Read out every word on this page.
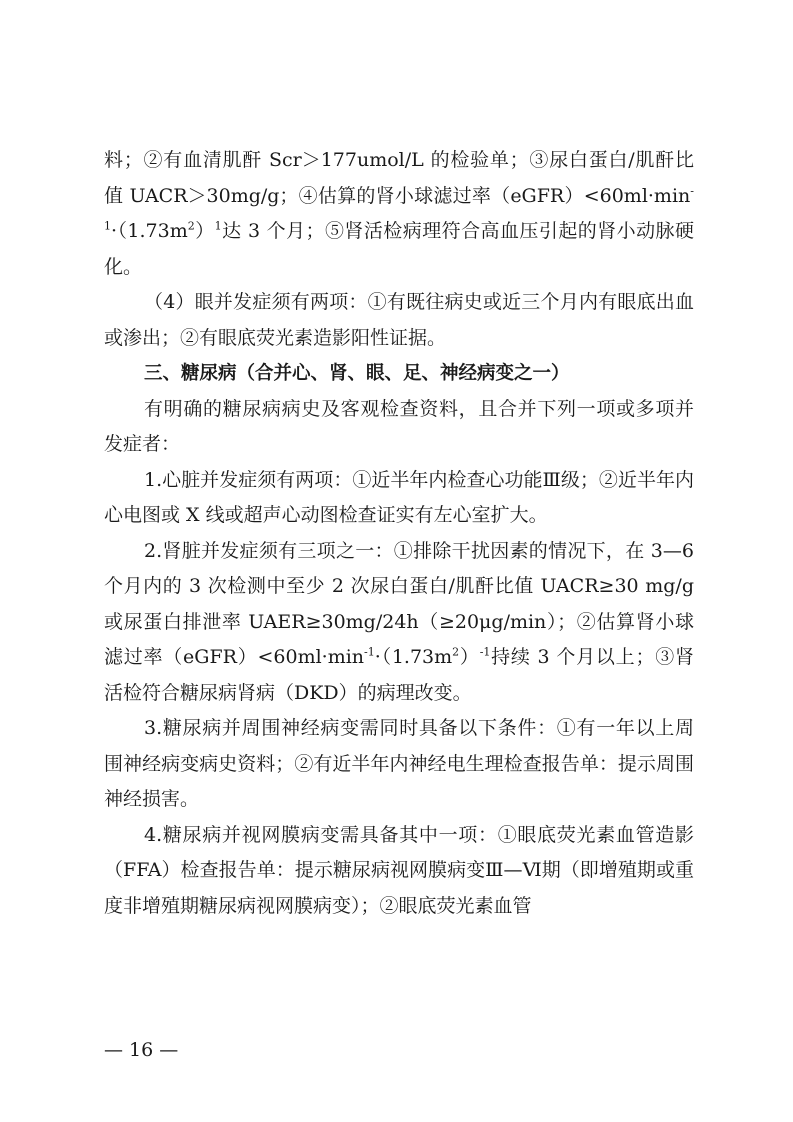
料；②有血清肌酐 Scr＞177umol/L 的检验单；③尿白蛋白/肌酐比值 UACR＞30mg/g；④估算的肾小球滤过率$(eGFR)<60ml\cdot\min^{-1}\cdot(1.73m^2)^1$达 3 个月；⑤肾活检病理符合高血压引起的肾小动脉硬化。

（4）眼并发症须有两项：①有既往病史或近三个月内有眼底出血或渗出；②有眼底荧光素造影阳性证据。

三、糖尿病（合并心、肾、眼、足、神经病变之一）

有明确的糖尿病病史及客观检查资料，且合并下列一项或多项并发症者：

1.心脏并发症须有两项：①近半年内检查心功能Ⅲ级；②近半年内心电图或 X 线或超声心动图检查证实有左心室扩大。

2.肾脏并发症须有三项之一：①排除干扰因素的情况下，在 3—6 个月内的 3 次检测中至少 2 次尿白蛋白/肌酐比值 UACR≥30 mg/g 或尿蛋白排泄率 UAER≥30mg/24h（≥20μg/min）；②估算肾小球滤过率$(eGFR)<60ml\cdot\min^{-1}\cdot(1.73m^2)^{-1}$持续 3 个月以上；③肾活检符合糖尿病肾病（DKD）的病理改变。

3.糖尿病并周围神经病变需同时具备以下条件：①有一年以上周围神经病变病史资料；②有近半年内神经电生理检查报告单：提示周围神经损害。

4.糖尿病并视网膜病变需具备其中一项：①眼底荧光素血管造影（FFA）检查报告单：提示糖尿病视网膜病变Ⅲ—Ⅵ期（即增殖期或重度非增殖期糖尿病视网膜病变）；②眼底荧光素血管

— 16 —
